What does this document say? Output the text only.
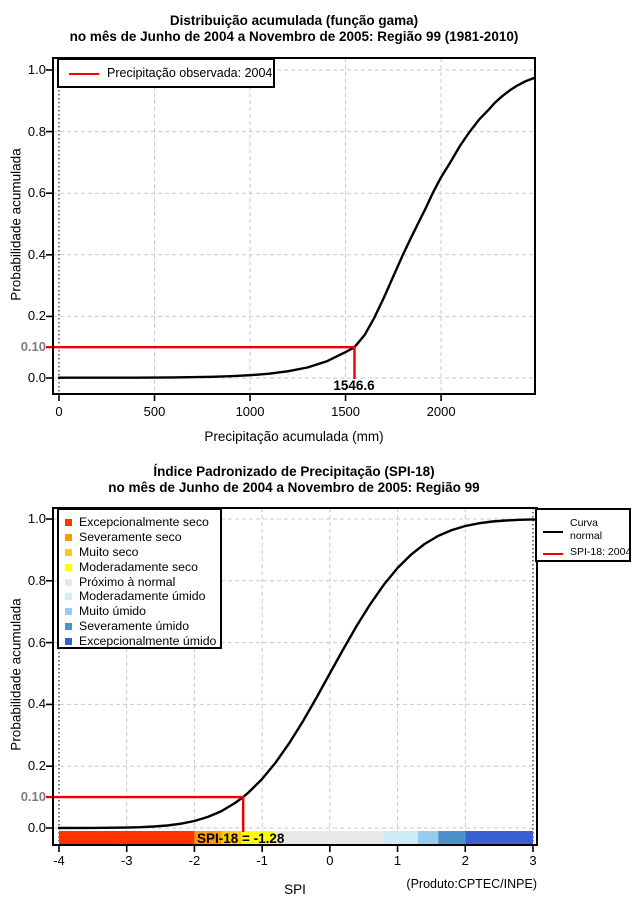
Distribuição acumulada (função gama)
no mês de Junho de 2004 a Novembro de 2005: Região 99 (1981-2010)
Probabilidade acumulada
Precipitação acumulada (mm)
0	500	1000	1500	2000
0.0
0.2
0.4
0.6
0.8
1.0
0.10
1546.6
Precipitação observada: 2004
Índice Padronizado de Precipitação (SPI-18)
no mês de Junho de 2004 a Novembro de 2005: Região 99
Probabilidade acumulada
SPI	(Produto:CPTEC/INPE)
-4	-3	-2	-1	0	1	2	3
0.0
0.2
0.4
0.6
0.8
1.0
0.10
SPI-18 = -1.28
Excepcionalmente seco
Severamente seco
Muito seco
Moderadamente seco
Próximo à normal
Moderadamente úmido
Muito úmido
Severamente úmido
Excepcionalmente úmido
Curva
normal
SPI-18: 2004
